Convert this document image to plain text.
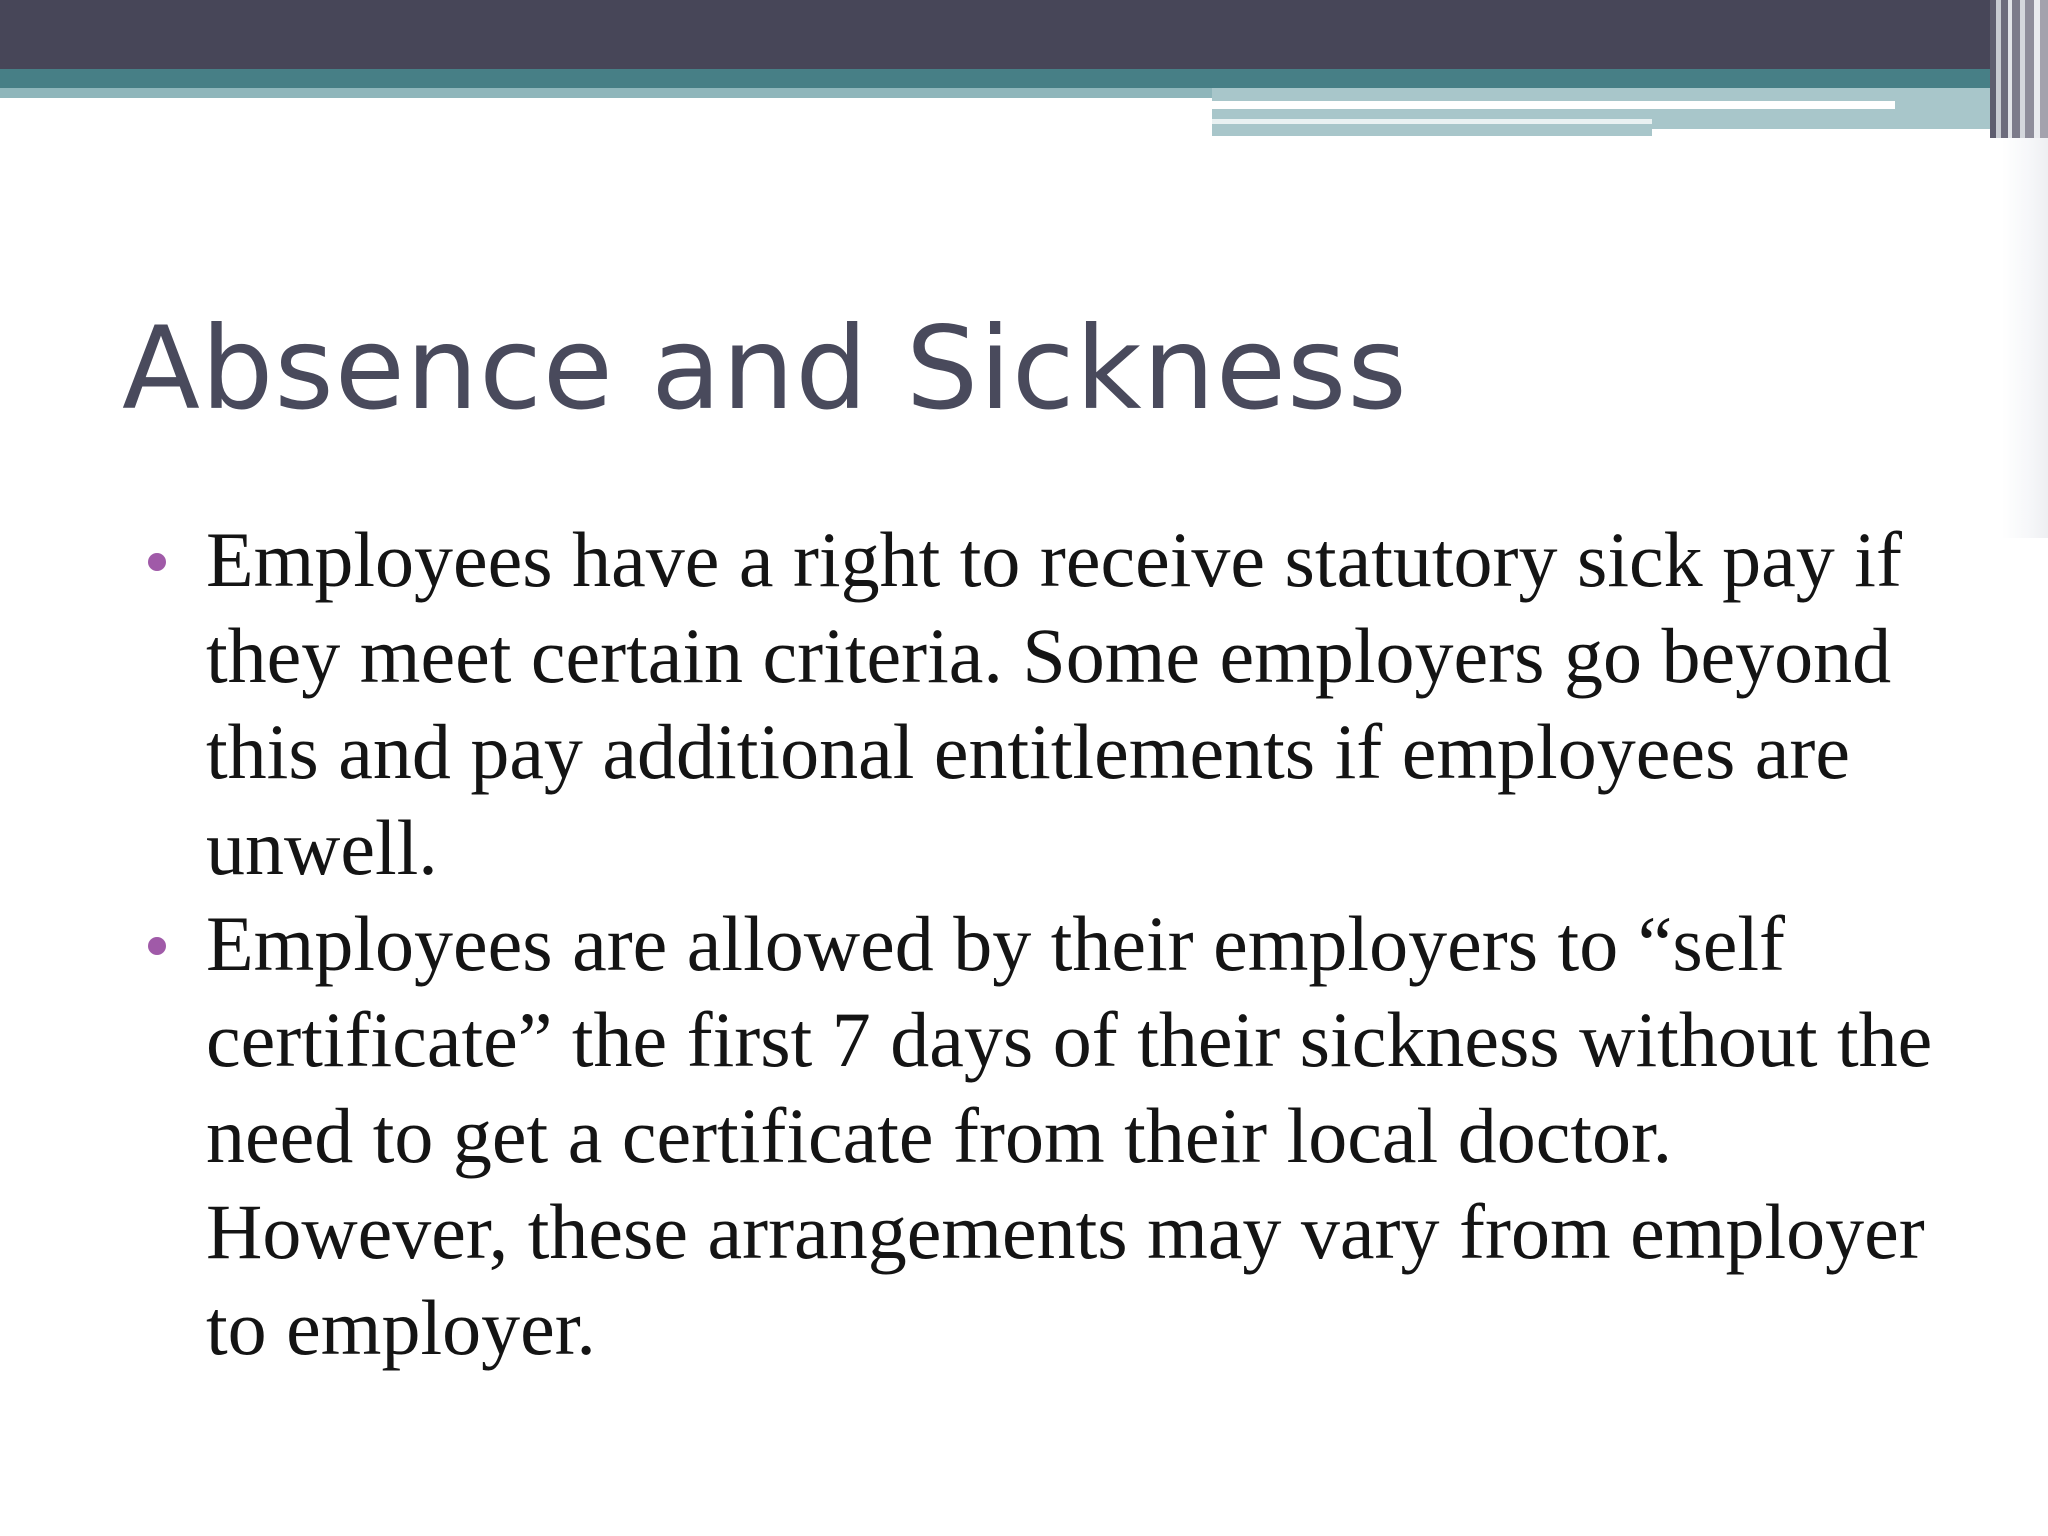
Absence and Sickness
Employees have a right to receive statutory sick pay if they meet certain criteria. Some employers go beyond this and pay additional entitlements if employees are unwell.
Employees are allowed by their employers to “self certificate” the first 7 days of their sickness without the need to get a certificate from their local doctor. However, these arrangements may vary from employer to employer.
